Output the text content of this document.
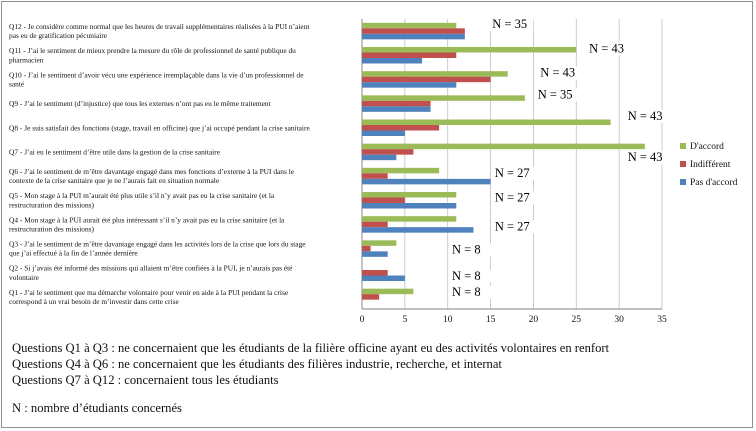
0	5	10	15	20	25	30	35
Q12 - Je considère comme normal que les heures de travail supplémentaires réalisées à la PUI n’aient pas eu de gratification pécuniaire
Q11 - J’ai le sentiment de mieux prendre la mesure du rôle de professionnel de santé publique du pharmacien
Q10 - J’ai le sentiment d’avoir vécu une expérience irremplaçable dans la vie d’un professionnel de santé
Q9 - J’ai le sentiment (d’injustice) que tous les externes n’ont pas eu le même traitement
Q8 - Je suis satisfait des fonctions (stage, travail en officine) que j’ai occupé pendant la crise sanitaire
Q7 - J’ai eu le sentiment d’être utile dans la gestion de la crise sanitaire
Q6 - J’ai le sentiment de m’être davantage engagé dans mes fonctions d’externe à la PUI dans le contexte de la crise sanitaire que je ne l’aurais fait en situation normale
Q5 - Mon stage à la PUI m’aurait été plus utile s’il n’y avait pas eu la crise sanitaire (et la restructuration des missions)
Q4 - Mon stage à la PUI aurait été plus intéressant s’il n’y avait pas eu la crise sanitaire (et la restructuration des missions)
Q3 - J’ai le sentiment de m’être davantage engagé dans les activités lors de la crise que lors du stage que j’ai effectué à la fin de l’année dernière
Q2 - Si j’avais été informé des missions qui allaient m’être confiées à la PUI, je n’aurais pas été volontaire
Q1 - J’ai le sentiment que ma démarche volontaire pour venir en aide à la PUI pendant la crise correspond à un vrai besoin de m’investir dans cette crise
N = 35
N = 43
N = 43
N = 35
N = 43
N = 43
N = 27
N = 27
N = 27
N = 8
N = 8
N = 8
D'accord
Indifférent
Pas d'accord
Questions Q1 à Q3 : ne concernaient que les étudiants de la filière officine ayant eu des activités volontaires en renfort
Questions Q4 à Q6 : ne concernaient que les étudiants des filières industrie, recherche, et internat
Questions Q7 à Q12 : concernaient tous les étudiants
N : nombre d’étudiants concernés
